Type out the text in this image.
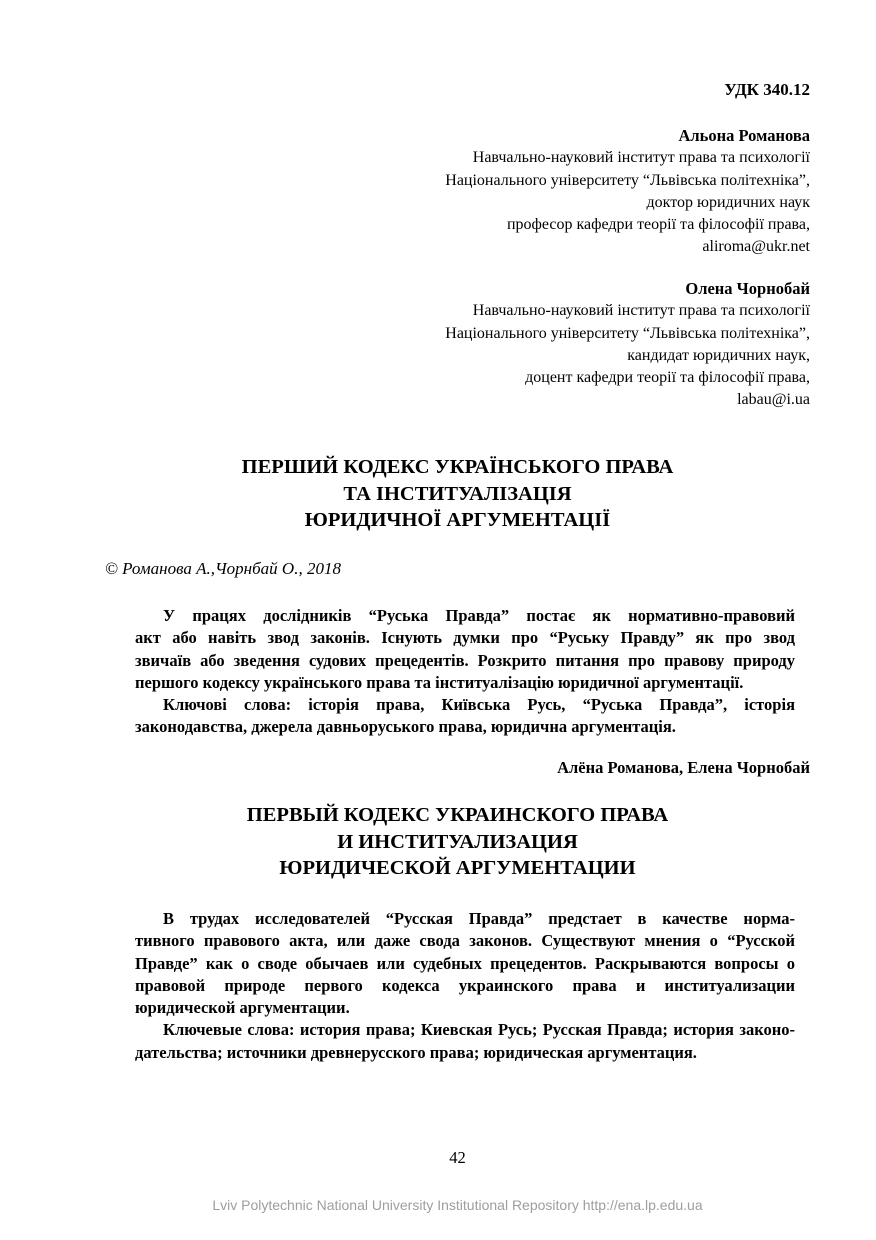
УДК 340.12
Альона Романова
Навчально-науковий інститут права та психології
Національного університету “Львівська політехніка”,
доктор юридичних наук
професор кафедри теорії та філософії права,
aliroma@ukr.net
Олена Чорнобай
Навчально-науковий інститут права та психології
Національного університету “Львівська політехніка”,
кандидат юридичних наук,
доцент кафедри теорії та філософії права,
labau@i.ua
ПЕРШИЙ КОДЕКС УКРАЇНСЬКОГО ПРАВА
ТА ІНСТИТУАЛІЗАЦІЯ
ЮРИДИЧНОЇ АРГУМЕНТАЦІЇ
© Романова А.,Чорнбай О., 2018
У працях дослідників “Руська Правда” постає як нормативно-правовий
акт або навіть звод законів. Існують думки про “Руську Правду” як про звод
звичаїв або зведення судових прецедентів. Розкрито питання про правову природу
першого кодексу українського права та інституалізацію юридичної аргументації.
Ключові слова: історія права, Київська Русь, “Руська Правда”, історія
законодавства, джерела давньоруського права, юридична аргументація.
Алёна Романова, Елена Чорнобай
ПЕРВЫЙ КОДЕКС УКРАИНСКОГО ПРАВА
И ИНСТИТУАЛИЗАЦИЯ
ЮРИДИЧЕСКОЙ АРГУМЕНТАЦИИ
В трудах исследователей “Русская Правда” предстает в качестве норма-
тивного правового акта, или даже свода законов. Существуют мнения о “Русской
Правде” как о своде обычаев или судебных прецедентов. Раскрываются вопросы о
правовой природе первого кодекса украинского права и институализации
юридической аргументации.
Ключевые слова: история права; Киевская Русь; Русская Правда; история законо-
дательства; источники древнерусского права; юридическая аргументация.
42
Lviv Polytechnic National University Institutional Repository http://ena.lp.edu.ua
